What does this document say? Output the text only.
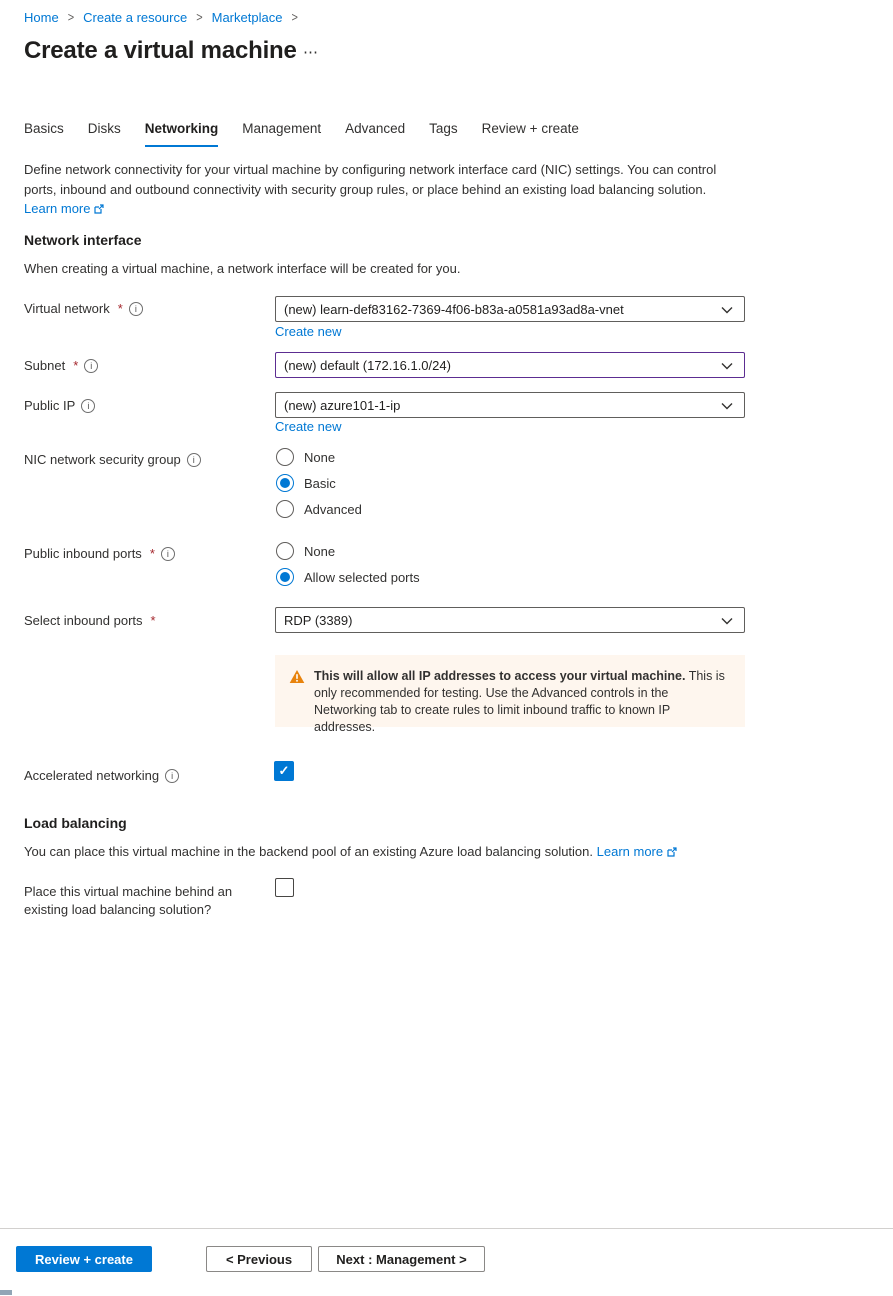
Home > Create a resource > Marketplace >
Create a virtual machine ⋯
Basics Disks Networking Management Advanced Tags Review + create

Define network connectivity for your virtual machine by configuring network interface card (NIC) settings. You can control ports, inbound and outbound connectivity with security group rules, or place behind an existing load balancing solution.

Learn more

Network interface

When creating a virtual machine, a network interface will be created for you.

Virtual network *	i	(new) learn-def83162-7369-4f06-b83a-a0581a93ad8a-vnet
Create new
Subnet *	i	(new) default (172.16.1.0/24)
Public IP	i	(new) azure101-1-ip
Create new
NIC network security group	i	None
Basic
Advanced
Public inbound ports *	i	None
Allow selected ports
Select inbound ports *	RDP (3389)

This will allow all IP addresses to access your virtual machine. This is only recommended for testing. Use the Advanced controls in the Networking tab to create rules to limit inbound traffic to known IP addresses.

Accelerated networking	i	✓
Load balancing

You can place this virtual machine in the backend pool of an existing Azure load balancing solution. Learn more

Place this virtual machine behind an existing load balancing solution?

Review + create	< Previous	Next : Management >
